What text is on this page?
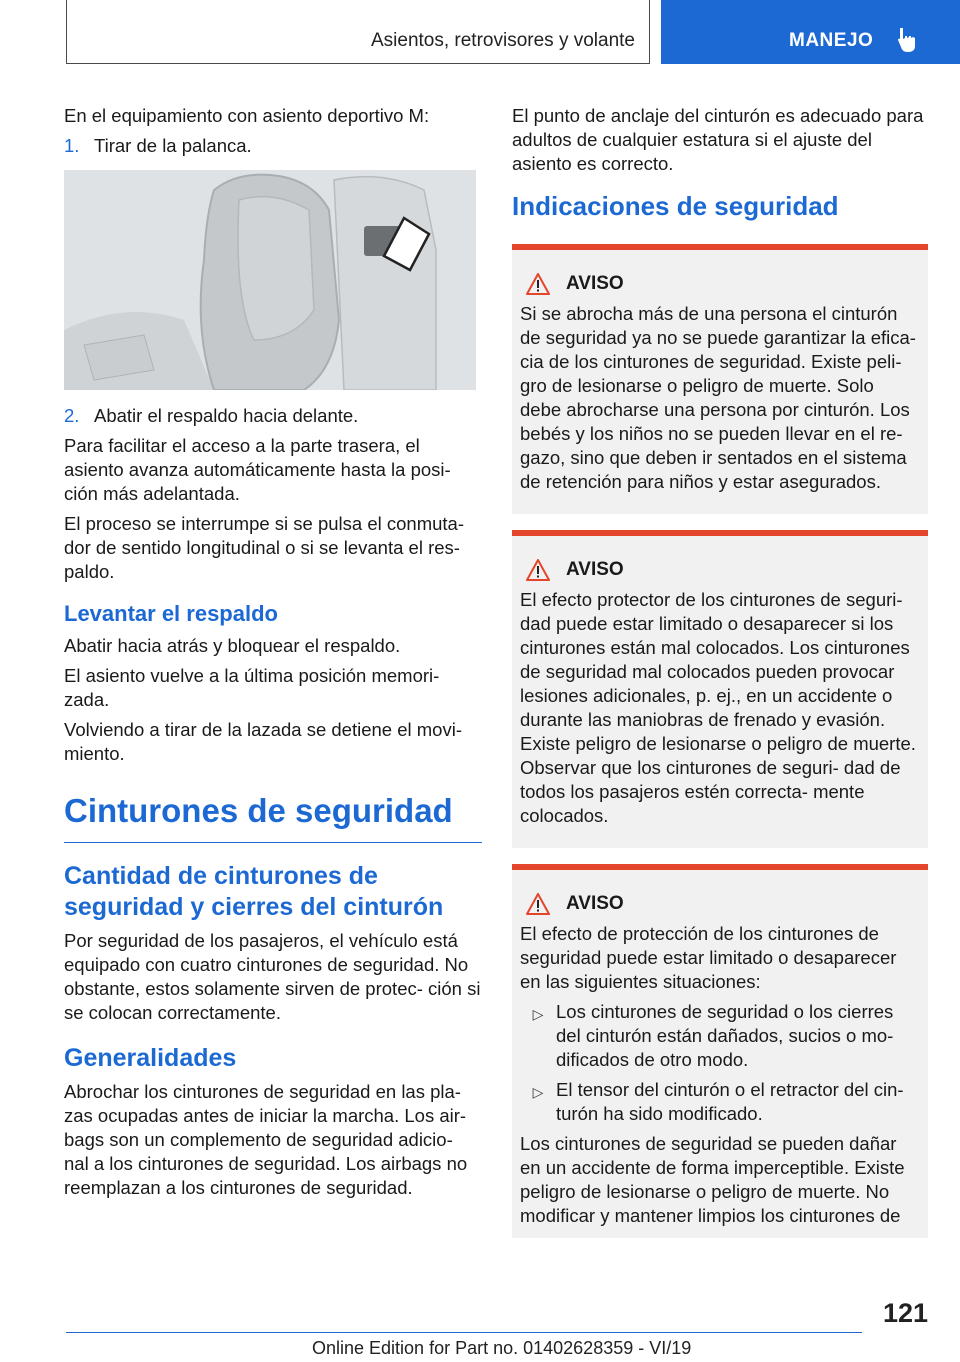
Asientos, retrovisores y volante	MANEJO

En el equipamiento con asiento deportivo M:

1. Tirar de la palanca.
2. Abatir el respaldo hacia delante.

Para facilitar el acceso a la parte trasera, el asiento avanza automáticamente hasta la posi‐ ción más adelantada.

El proceso se interrumpe si se pulsa el conmuta‐ dor de sentido longitudinal o si se levanta el res‐ paldo.

Levantar el respaldo

Abatir hacia atrás y bloquear el respaldo.

El asiento vuelve a la última posición memori‐ zada.

Volviendo a tirar de la lazada se detiene el movi‐ miento.

Cinturones de seguridad
Cantidad de cinturones de seguridad y cierres del cinturón

Por seguridad de los pasajeros, el vehículo está equipado con cuatro cinturones de seguridad. No obstante, estos solamente sirven de protec‐ ción si se colocan correctamente.

Generalidades

Abrochar los cinturones de seguridad en las pla‐ zas ocupadas antes de iniciar la marcha. Los air‐ bags son un complemento de seguridad adicio‐ nal a los cinturones de seguridad. Los airbags no reemplazan a los cinturones de seguridad.

El punto de anclaje del cinturón es adecuado para adultos de cualquier estatura si el ajuste del asiento es correcto.

Indicaciones de seguridad
AVISO

Si se abrocha más de una persona el cinturón de seguridad ya no se puede garantizar la efica‐ cia de los cinturones de seguridad. Existe peli‐ gro de lesionarse o peligro de muerte. Solo debe abrocharse una persona por cinturón. Los bebés y los niños no se pueden llevar en el re‐ gazo, sino que deben ir sentados en el sistema de retención para niños y estar asegurados.

AVISO

El efecto protector de los cinturones de seguri‐ dad puede estar limitado o desaparecer si los cinturones están mal colocados. Los cinturones de seguridad mal colocados pueden provocar lesiones adicionales, p. ej., en un accidente o durante las maniobras de frenado y evasión. Existe peligro de lesionarse o peligro de muerte. Observar que los cinturones de seguri‐ dad de todos los pasajeros estén correcta‐ mente colocados.

AVISO

El efecto de protección de los cinturones de seguridad puede estar limitado o desaparecer en las siguientes situaciones:

▷ Los cinturones de seguridad o los cierres del cinturón están dañados, sucios o mo‐ dificados de otro modo.
▷ El tensor del cinturón o el retractor del cin‐ turón ha sido modificado.

Los cinturones de seguridad se pueden dañar en un accidente de forma imperceptible. Existe peligro de lesionarse o peligro de muerte. No modificar y mantener limpios los cinturones de

121
Online Edition for Part no. 01402628359 - VI/19
